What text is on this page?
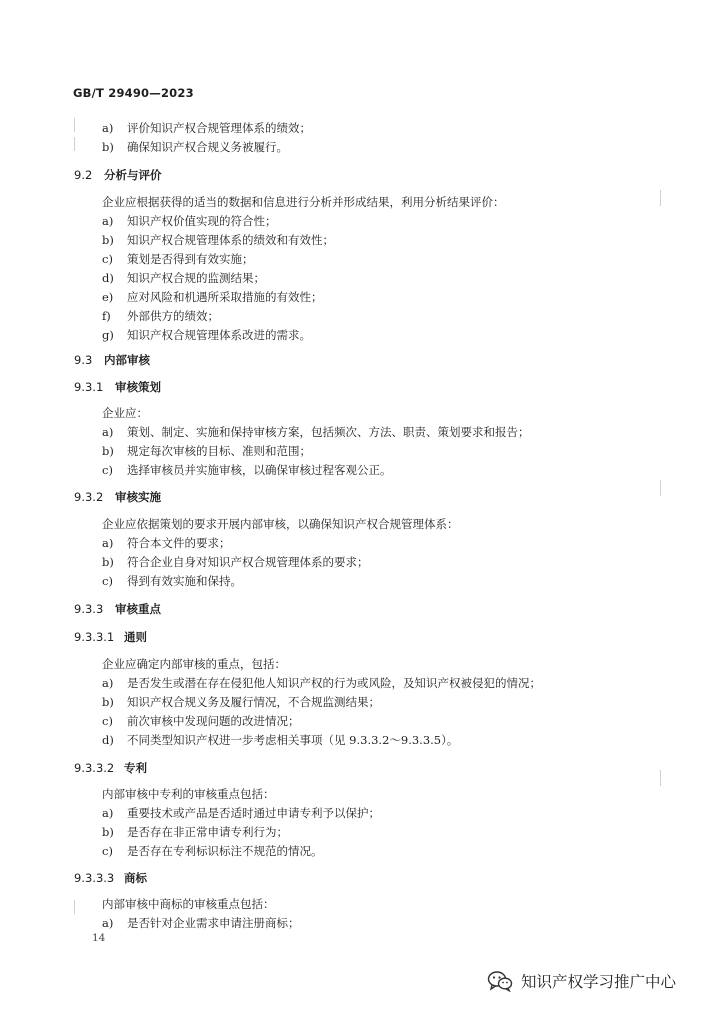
GB/T 29490—2023
a) 评价知识产权合规管理体系的绩效；
b) 确保知识产权合规义务被履行。
9.2 分析与评价
企业应根据获得的适当的数据和信息进行分析并形成结果，利用分析结果评价：
a) 知识产权价值实现的符合性；
b) 知识产权合规管理体系的绩效和有效性；
c) 策划是否得到有效实施；
d) 知识产权合规的监测结果；
e) 应对风险和机遇所采取措施的有效性；
f) 外部供方的绩效；
g) 知识产权合规管理体系改进的需求。
9.3 内部审核
9.3.1 审核策划
企业应：
a) 策划、制定、实施和保持审核方案，包括频次、方法、职责、策划要求和报告；
b) 规定每次审核的目标、准则和范围；
c) 选择审核员并实施审核，以确保审核过程客观公正。
9.3.2 审核实施
企业应依据策划的要求开展内部审核，以确保知识产权合规管理体系：
a) 符合本文件的要求；
b) 符合企业自身对知识产权合规管理体系的要求；
c) 得到有效实施和保持。
9.3.3 审核重点
9.3.3.1 通则
企业应确定内部审核的重点，包括：
a) 是否发生或潜在存在侵犯他人知识产权的行为或风险，及知识产权被侵犯的情况；
b) 知识产权合规义务及履行情况，不合规监测结果；
c) 前次审核中发现问题的改进情况；
d) 不同类型知识产权进一步考虑相关事项（见 9.3.3.2～9.3.3.5）。
9.3.3.2 专利
内部审核中专利的审核重点包括：
a) 重要技术或产品是否适时通过申请专利予以保护；
b) 是否存在非正常申请专利行为；
c) 是否存在专利标识标注不规范的情况。
9.3.3.3 商标
内部审核中商标的审核重点包括：
a) 是否针对企业需求申请注册商标；
14
知识产权学习推广中心
